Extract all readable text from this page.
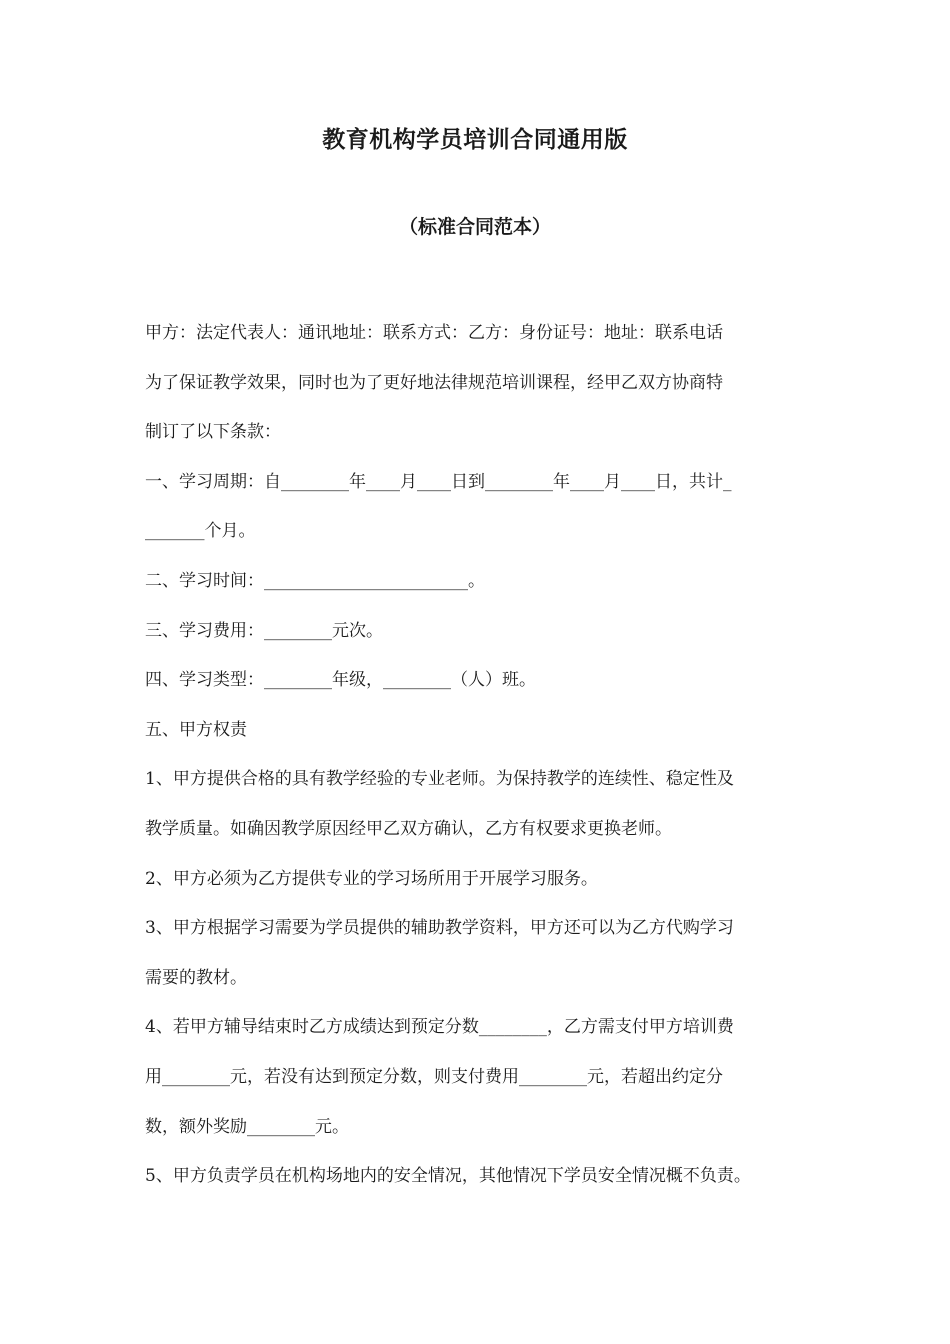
教育机构学员培训合同通用版
（标准合同范本）
甲方：法定代表人：通讯地址：联系方式：乙方：身份证号：地址：联系电话
为了保证教学效果，同时也为了更好地法律规范培训课程，经甲乙双方协商特
制订了以下条款：
一、学习周期：自________年____月____日到________年____月____日，共计_
_______个月。
二、学习时间：________________________。
三、学习费用：________元次。
四、学习类型：________年级，________（人）班。
五、甲方权责
1、甲方提供合格的具有教学经验的专业老师。为保持教学的连续性、稳定性及
教学质量。如确因教学原因经甲乙双方确认，乙方有权要求更换老师。
2、甲方必须为乙方提供专业的学习场所用于开展学习服务。
3、甲方根据学习需要为学员提供的辅助教学资料，甲方还可以为乙方代购学习
需要的教材。
4、若甲方辅导结束时乙方成绩达到预定分数________，乙方需支付甲方培训费
用________元，若没有达到预定分数，则支付费用________元，若超出约定分
数，额外奖励________元。
5、甲方负责学员在机构场地内的安全情况，其他情况下学员安全情况概不负责。
